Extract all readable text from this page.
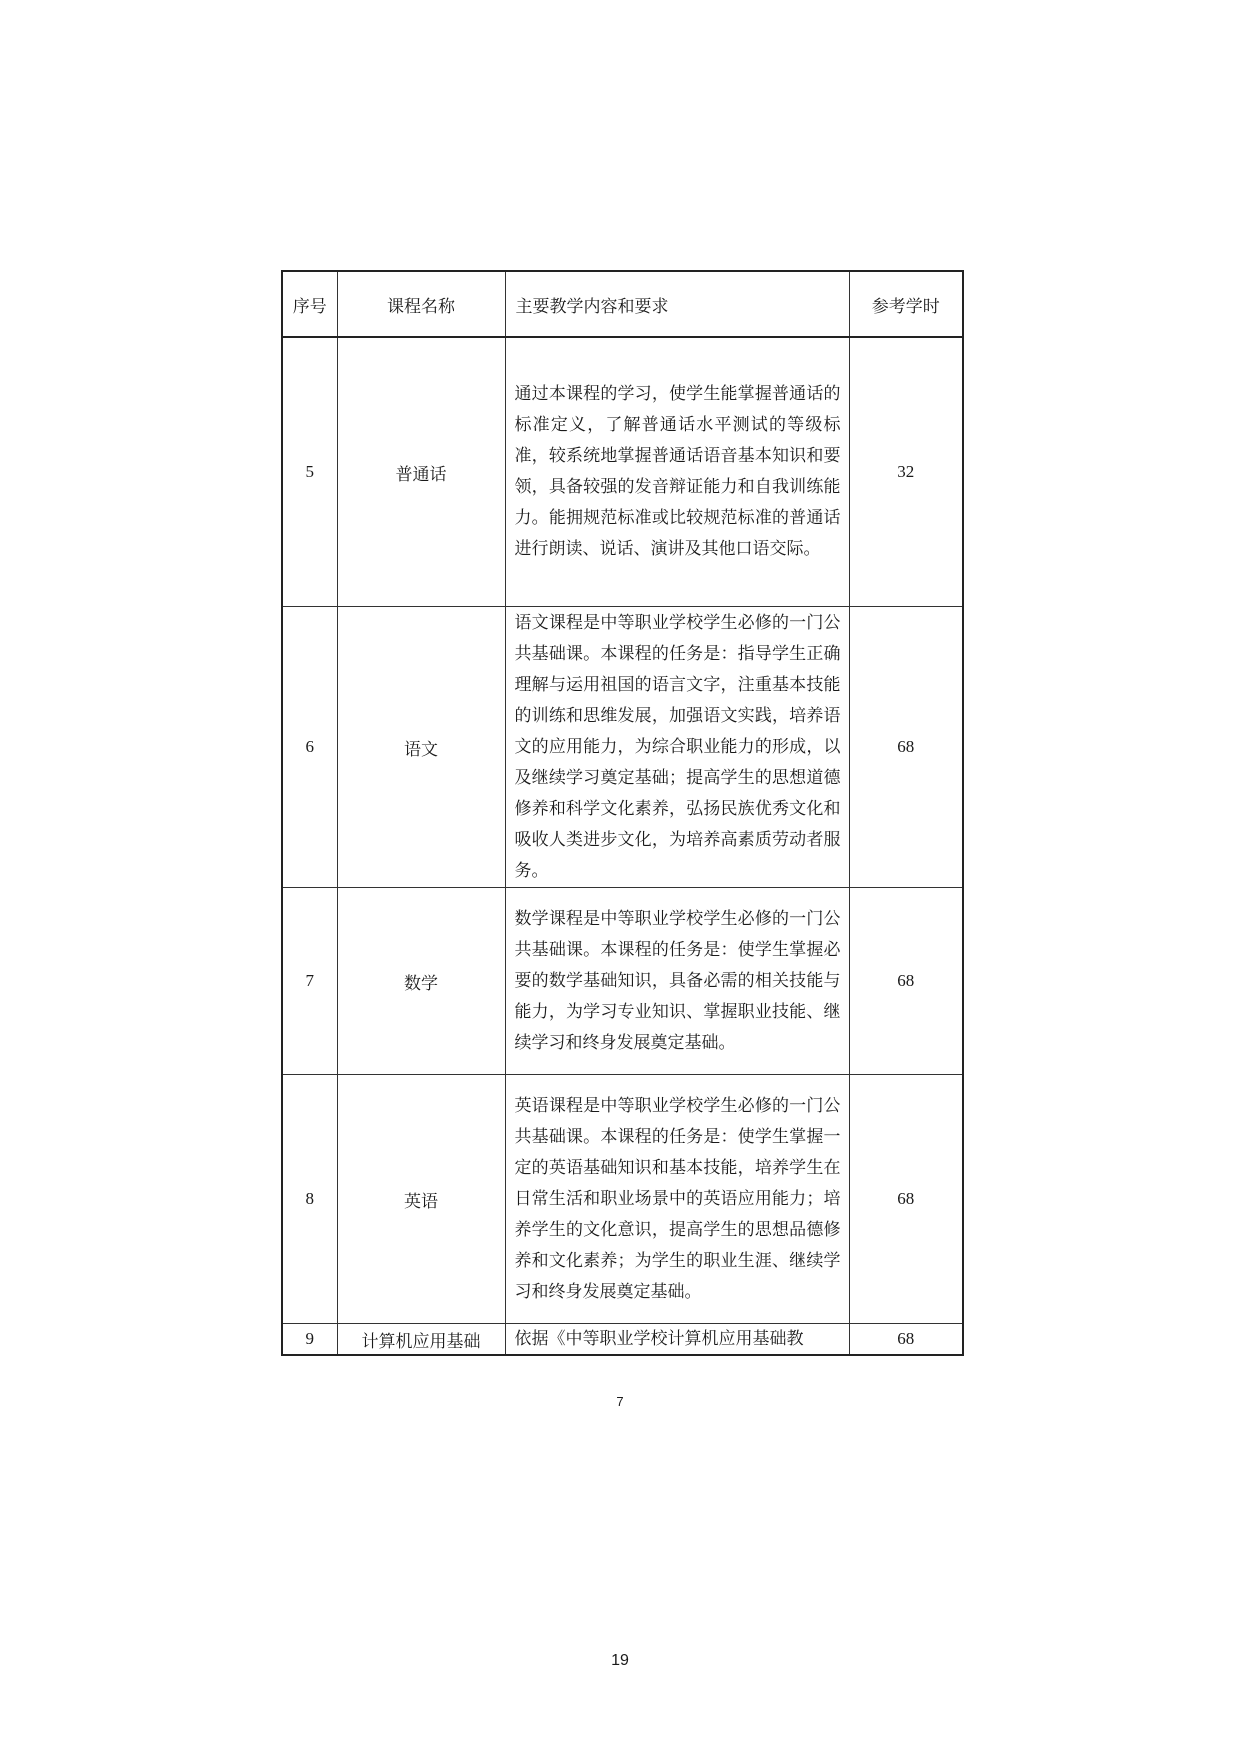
序号	课程名称	主要教学内容和要求	参考学时
5	普通话	通过本课程的学习，使学生能掌握普通话的标准定义，了解普通话水平测试的等级标准，较系统地掌握普通话语音基本知识和要领，具备较强的发音辩证能力和自我训练能力。能拥规范标准或比较规范标准的普通话进行朗读、说话、演讲及其他口语交际。	32
6	语文	语文课程是中等职业学校学生必修的一门公共基础课。本课程的任务是：指导学生正确理解与运用祖国的语言文字，注重基本技能的训练和思维发展，加强语文实践，培养语文的应用能力，为综合职业能力的形成，以及继续学习奠定基础；提高学生的思想道德修养和科学文化素养，弘扬民族优秀文化和吸收人类进步文化，为培养高素质劳动者服务。	68
7	数学	数学课程是中等职业学校学生必修的一门公共基础课。本课程的任务是：使学生掌握必要的数学基础知识，具备必需的相关技能与能力，为学习专业知识、掌握职业技能、继续学习和终身发展奠定基础。	68
8	英语	英语课程是中等职业学校学生必修的一门公共基础课。本课程的任务是：使学生掌握一定的英语基础知识和基本技能，培养学生在日常生活和职业场景中的英语应用能力；培养学生的文化意识，提高学生的思想品德修养和文化素养；为学生的职业生涯、继续学习和终身发展奠定基础。	68
9	计算机应用基础	依据《中等职业学校计算机应用基础教	68
7
19
